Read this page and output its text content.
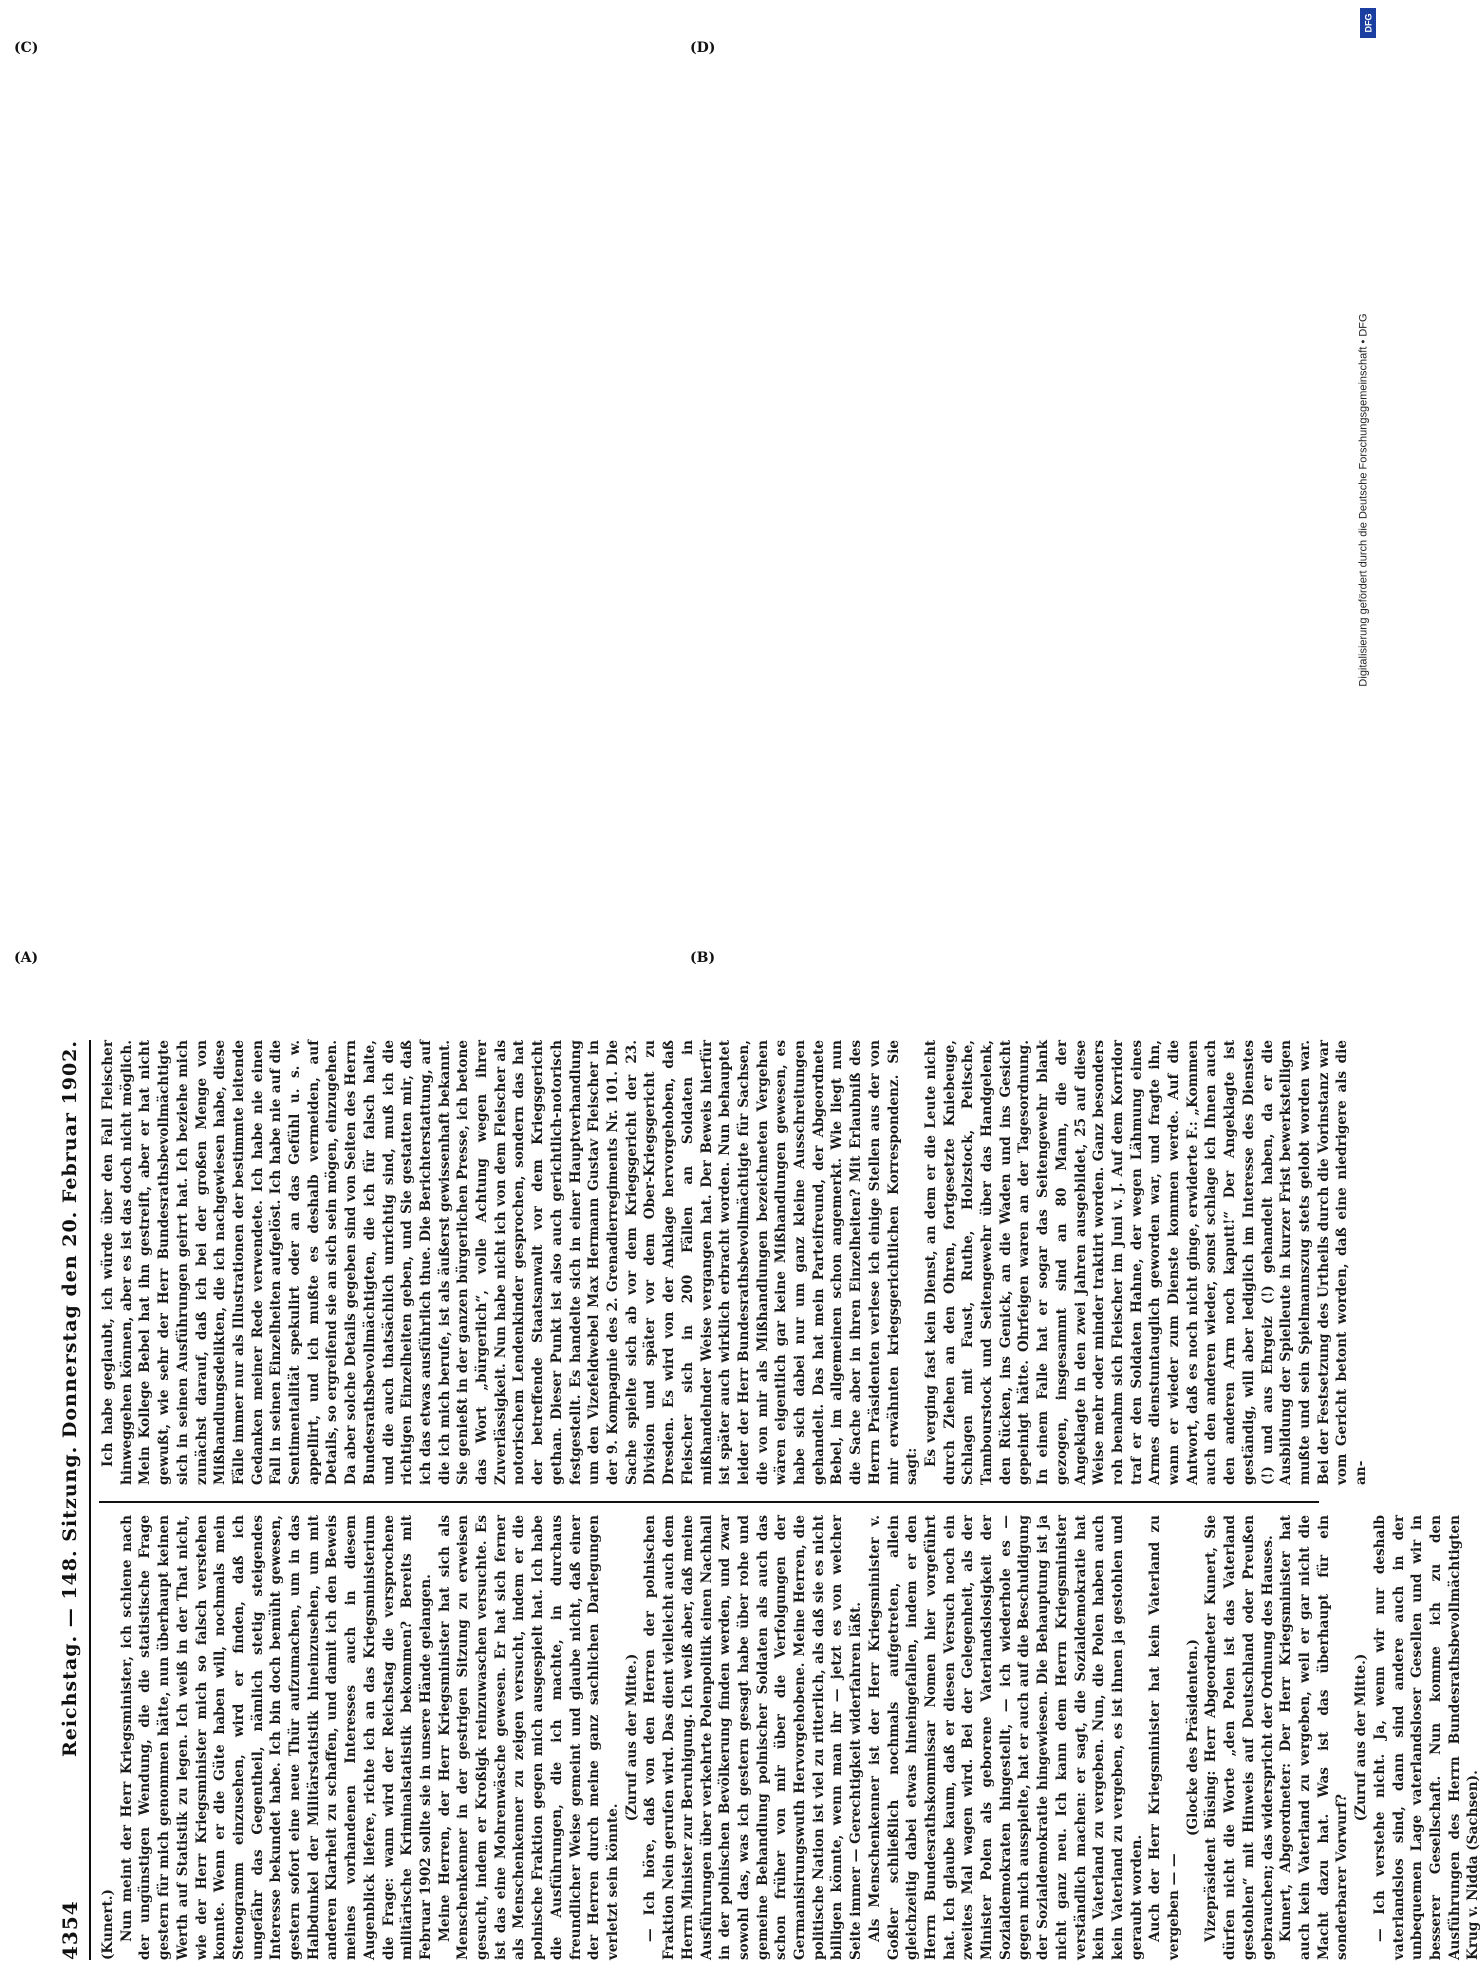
4354
Reichstag. — 148. Sitzung. Donnerstag den 20. Februar 1902.

(Kunert.) Nun meint der Herr Kriegsminister, ich schiene nach der ungünstigen Wendung, die die statistische Frage gestern für mich genommen hätte, nun überhaupt keinen Werth auf Statistik zu legen. Ich weiß in der That nicht, wie der Herr Kriegsminister mich so falsch verstehen konnte. Wenn er die Güte haben will, nochmals mein Stenogramm einzusehen, wird er finden, daß ich ungefähr das Gegentheil, nämlich stetig steigendes Interesse bekundet habe. Ich bin doch bemüht gewesen, gestern sofort eine neue Thür aufzumachen, um in das Halbdunkel der Militärstatistik hineinzusehen, um mit anderen Klarheit zu schaffen, und damit ich den Beweis meines vorhandenen Interesses auch in diesem Augenblick liefere, richte ich an das Kriegsministerium die Frage: wann wird der Reichstag die versprochene militärische Kriminalstatistik bekommen? Bereits mit Februar 1902 sollte sie in unsere Hände gelangen. Meine Herren, der Herr Kriegsminister hat sich als Menschenkenner in der gestrigen Sitzung zu erweisen gesucht, indem er Kroßigk reinzuwaschen versuchte. Es ist das eine Mohrenwäsche gewesen. Er hat sich ferner als Menschenkenner zu zeigen versucht, indem er die polnische Fraktion gegen mich ausgespielt hat. Ich habe die Ausführungen, die ich machte, in durchaus freundlicher Weise gemeint und glaube nicht, daß einer der Herren durch meine ganz sachlichen Darlegungen verletzt sein könnte.

(Zuruf aus der Mitte.) — Ich höre, daß von den Herren der polnischen Fraktion Nein gerufen wird. Das dient vielleicht auch dem Herrn Minister zur Beruhigung. Ich weiß aber, daß meine Ausführungen über verkehrte Polenpolitik einen Nachhall in der polnischen Bevölkerung finden werden, und zwar sowohl das, was ich gestern gesagt habe über rohe und gemeine Behandlung polnischer Soldaten als auch das schon früher von mir über die Verfolgungen der Germanisirungswuth Hervorgehobene. Meine Herren, die politische Nation ist viel zu ritterlich, als daß sie es nicht billigen könnte, wenn man ihr — jetzt es von welcher Seite immer — Gerechtigkeit widerfahren läßt. Als Menschenkenner ist der Herr Kriegsminister v. Goßler schließlich nochmals aufgetreten, allein gleichzeitig dabei etwas hineingefallen, indem er den Herrn Bundesrathskommissar Nomen hier vorgeführt hat. Ich glaube kaum, daß er diesen Versuch noch ein zweites Mal wagen wird. Bei der Gelegenheit, als der Minister Polen als geborene Vaterlandslosigkeit der Sozialdemokraten hingestellt, — ich wiederhole es — gegen mich ausspielte, hat er auch auf die Beschuldigung der Sozialdemokratie hingewiesen. Die Behauptung ist ja nicht ganz neu. Ich kann dem Herrn Kriegsminister verständlich machen: er sagt, die Sozialdemokratie hat kein Vaterland zu vergeben. Nun, die Polen haben auch kein Vaterland zu vergeben, es ist ihnen ja gestohlen und geraubt worden. Auch der Herr Kriegsminister hat kein Vaterland zu vergeben — —

(Glocke des Präsidenten.) Vizepräsident Büsing: Herr Abgeordneter Kunert, Sie dürfen nicht die Worte „den Polen ist das Vaterland gestohlen“ mit Hinweis auf Deutschland oder Preußen gebrauchen; das widerspricht der Ordnung des Hauses. Kunert, Abgeordneter: Der Herr Kriegsminister hat auch kein Vaterland zu vergeben, weil er gar nicht die Macht dazu hat. Was ist das überhaupt für ein sonderbarer Vorwurf?

(Zuruf aus der Mitte.) — Ich verstehe nicht. Ja, wenn wir nur deshalb vaterlandslos sind, dann sind andere auch in der unbequemen Lage vaterlandsloser Gesellen und wir in besserer Gesellschaft. Nun komme ich zu den Ausführungen des Herrn Bundesrathsbevollmächtigten Krug v. Nidda (Sachsen).

Ich habe geglaubt, ich würde über den Fall Fleischer hinweggehen können, aber es ist das doch nicht möglich. Mein Kollege Bebel hat ihn gestreift, aber er hat nicht gewußt, wie sehr der Herr Bundesrathsbevollmächtigte sich in seinen Ausführungen geirrt hat. Ich beziehe mich zunächst darauf, daß ich bei der großen Menge von Mißhandlungsdelikten, die ich nachgewiesen habe, diese Fälle immer nur als Illustrationen der bestimmte leitende Gedanken meiner Rede verwendete. Ich habe nie einen Fall in seinen Einzelheiten aufgelöst. Ich habe nie auf die Sentimentalität spekulirt oder an das Gefühl u. s. w. appellirt, und ich mußte es deshalb vermeiden, auf Details, so ergreifend sie an sich sein mögen, einzugehen. Da aber solche Details gegeben sind von Seiten des Herrn Bundesrathsbevollmächtigten, die ich für falsch halte, und die auch thatsächlich unrichtig sind, muß ich die richtigen Einzelheiten geben, und Sie gestatten mir, daß ich das etwas ausführlich thue. Die Berichterstattung, auf die ich mich berufe, ist als äußerst gewissenhaft bekannt. Sie genießt in der ganzen bürgerlichen Presse, ich betone das Wort „bürgerlich“, volle Achtung wegen ihrer Zuverlässigkeit. Nun habe nicht ich von dem Fleischer als notorischem Lendenkinder gesprochen, sondern das hat der betreffende Staatsanwalt vor dem Kriegsgericht gethan. Dieser Punkt ist also auch gerichtlich-notorisch festgestellt. Es handelte sich in einer Hauptverhandlung um den Vizefeldwebel Max Hermann Gustav Fleischer in der 9. Kompagnie des 2. Grenadierregiments Nr. 101. Die Sache spielte sich ab vor dem Kriegsgericht der 23. Division und später vor dem Ober-Kriegsgericht zu Dresden. Es wird von der Anklage hervorgehoben, daß Fleischer sich in 200 Fällen an Soldaten in mißhandelnder Weise vergangen hat. Der Beweis hierfür ist später auch wirklich erbracht worden. Nun behauptet leider der Herr Bundesrathsbevollmächtigte für Sachsen, die von mir als Mißhandlungen bezeichneten Vergehen wären eigentlich gar keine Mißhandlungen gewesen, es habe sich dabei nur um ganz kleine Ausschreitungen gehandelt. Das hat mein Parteifreund, der Abgeordnete Bebel, im allgemeinen schon angemerkt. Wie liegt nun die Sache aber in ihren Einzelheiten? Mit Erlaubniß des Herrn Präsidenten verlese ich einige Stellen aus der von mir erwähnten kriegsgerichtlichen Korrespondenz. Sie sagt: Es verging fast kein Dienst, an dem er die Leute nicht durch Ziehen an den Ohren, fortgesetzte Kniebeuge, Schlagen mit Faust, Ruthe, Holzstock, Peitsche, Tambourstock und Seitengewehr über das Handgelenk, den Rücken, ins Genick, an die Waden und ins Gesicht gepeinigt hätte. Ohrfeigen waren an der Tagesordnung. In einem Falle hat er sogar das Seitengewehr blank gezogen, insgesammt sind an 80 Mann, die der Angeklagte in den zwei Jahren ausgebildet, 25 auf diese Weise mehr oder minder traktirt worden. Ganz besonders roh benahm sich Fleischer im Juni v. J. Auf dem Korridor traf er den Soldaten Hahne, der wegen Lähmung eines Armes dienstuntauglich geworden war, und fragte ihn, wann er wieder zum Dienste kommen werde. Auf die Antwort, daß es noch nicht ginge, erwiderte F.: „Kommen auch den anderen wieder, sonst schlage ich Ihnen auch den anderen Arm noch kaputt!“ Der Angeklagte ist geständig, will aber lediglich im Interesse des Dienstes (!) und aus Ehrgeiz (!) gehandelt haben, da er die Ausbildung der Spielleute in kurzer Frist bewerkstelligen mußte und sein Spielmannszug stets gelobt worden war. Bei der Festsetzung des Urtheils durch die Vorinstanz war vom Gericht betont worden, daß eine niedrigere als die an-

(A)	(B)
(C)	(D)
DFG
Digitalisierung gefördert durch die Deutsche Forschungsgemeinschaft • DFG
